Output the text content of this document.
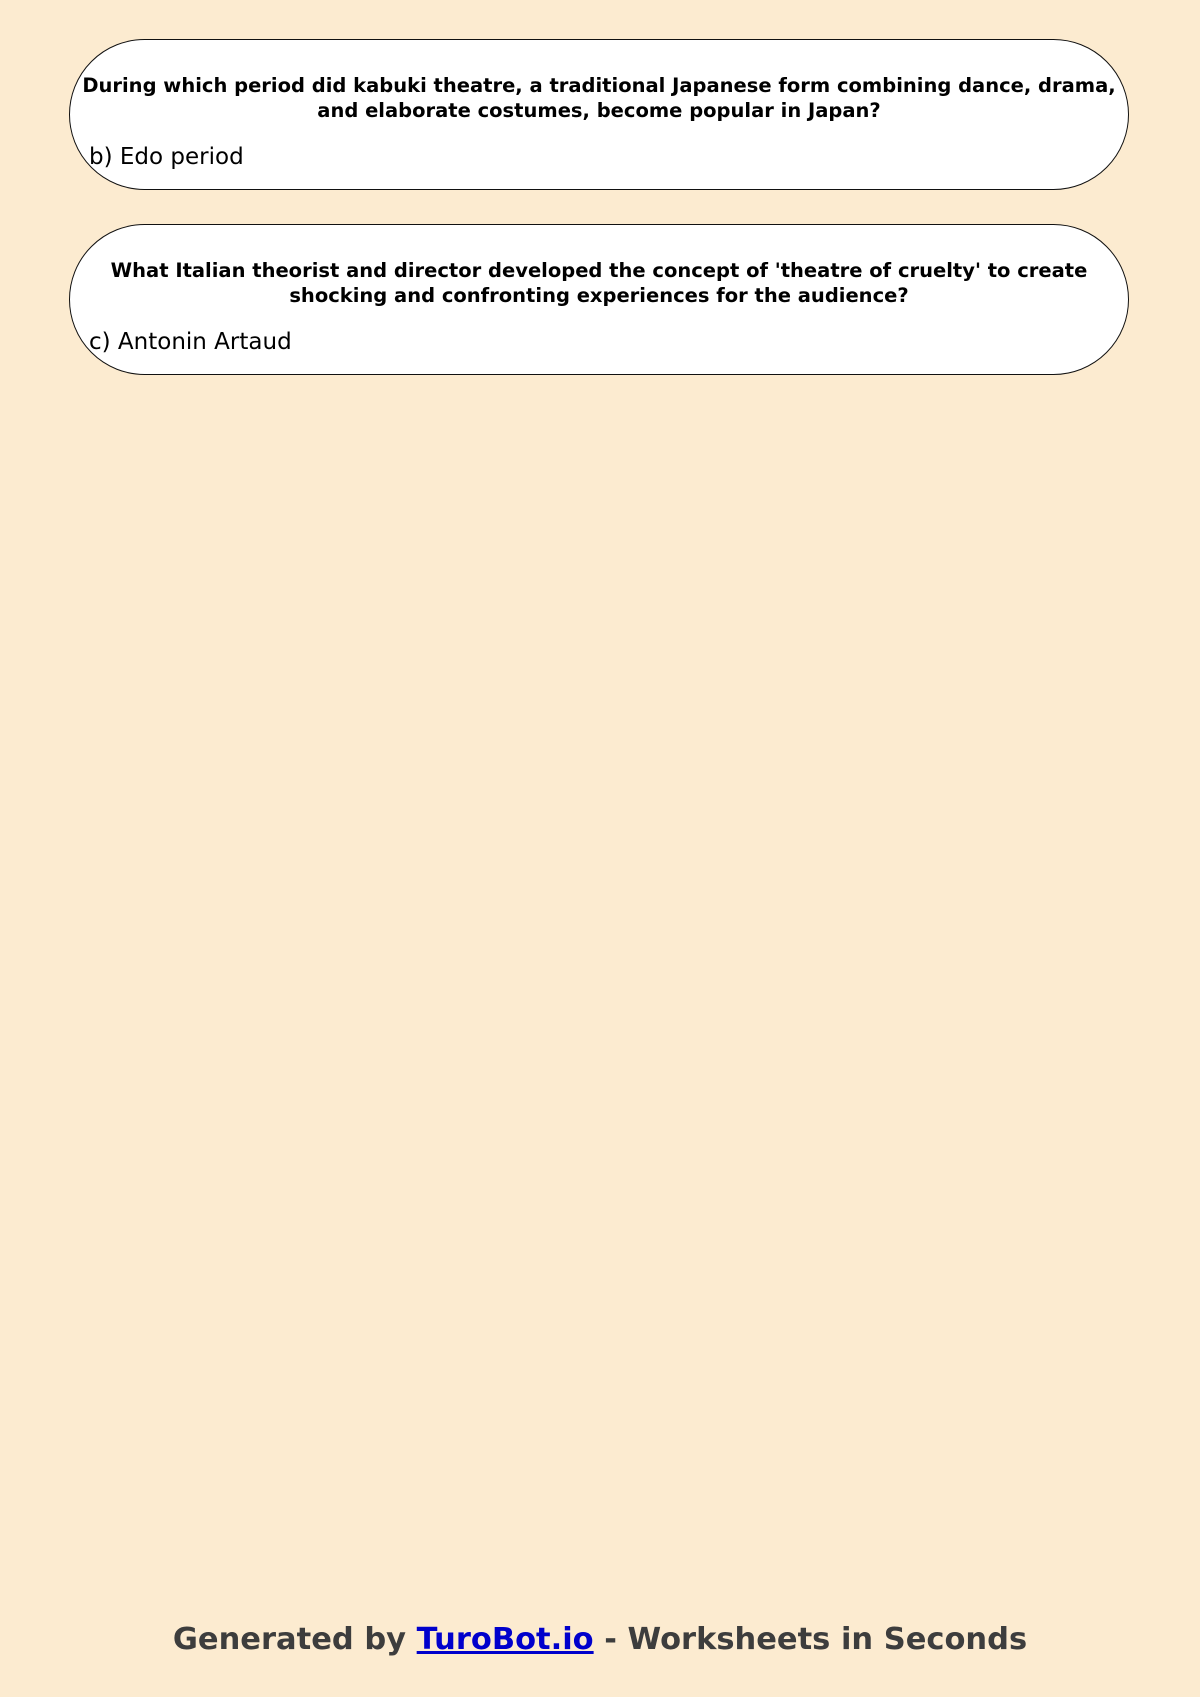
During which period did kabuki theatre, a traditional Japanese form combining dance, drama, and elaborate costumes, become popular in Japan?

b) Edo period

What Italian theorist and director developed the concept of 'theatre of cruelty' to create shocking and confronting experiences for the audience?

c) Antonin Artaud

Generated by TuroBot.io - Worksheets in Seconds
